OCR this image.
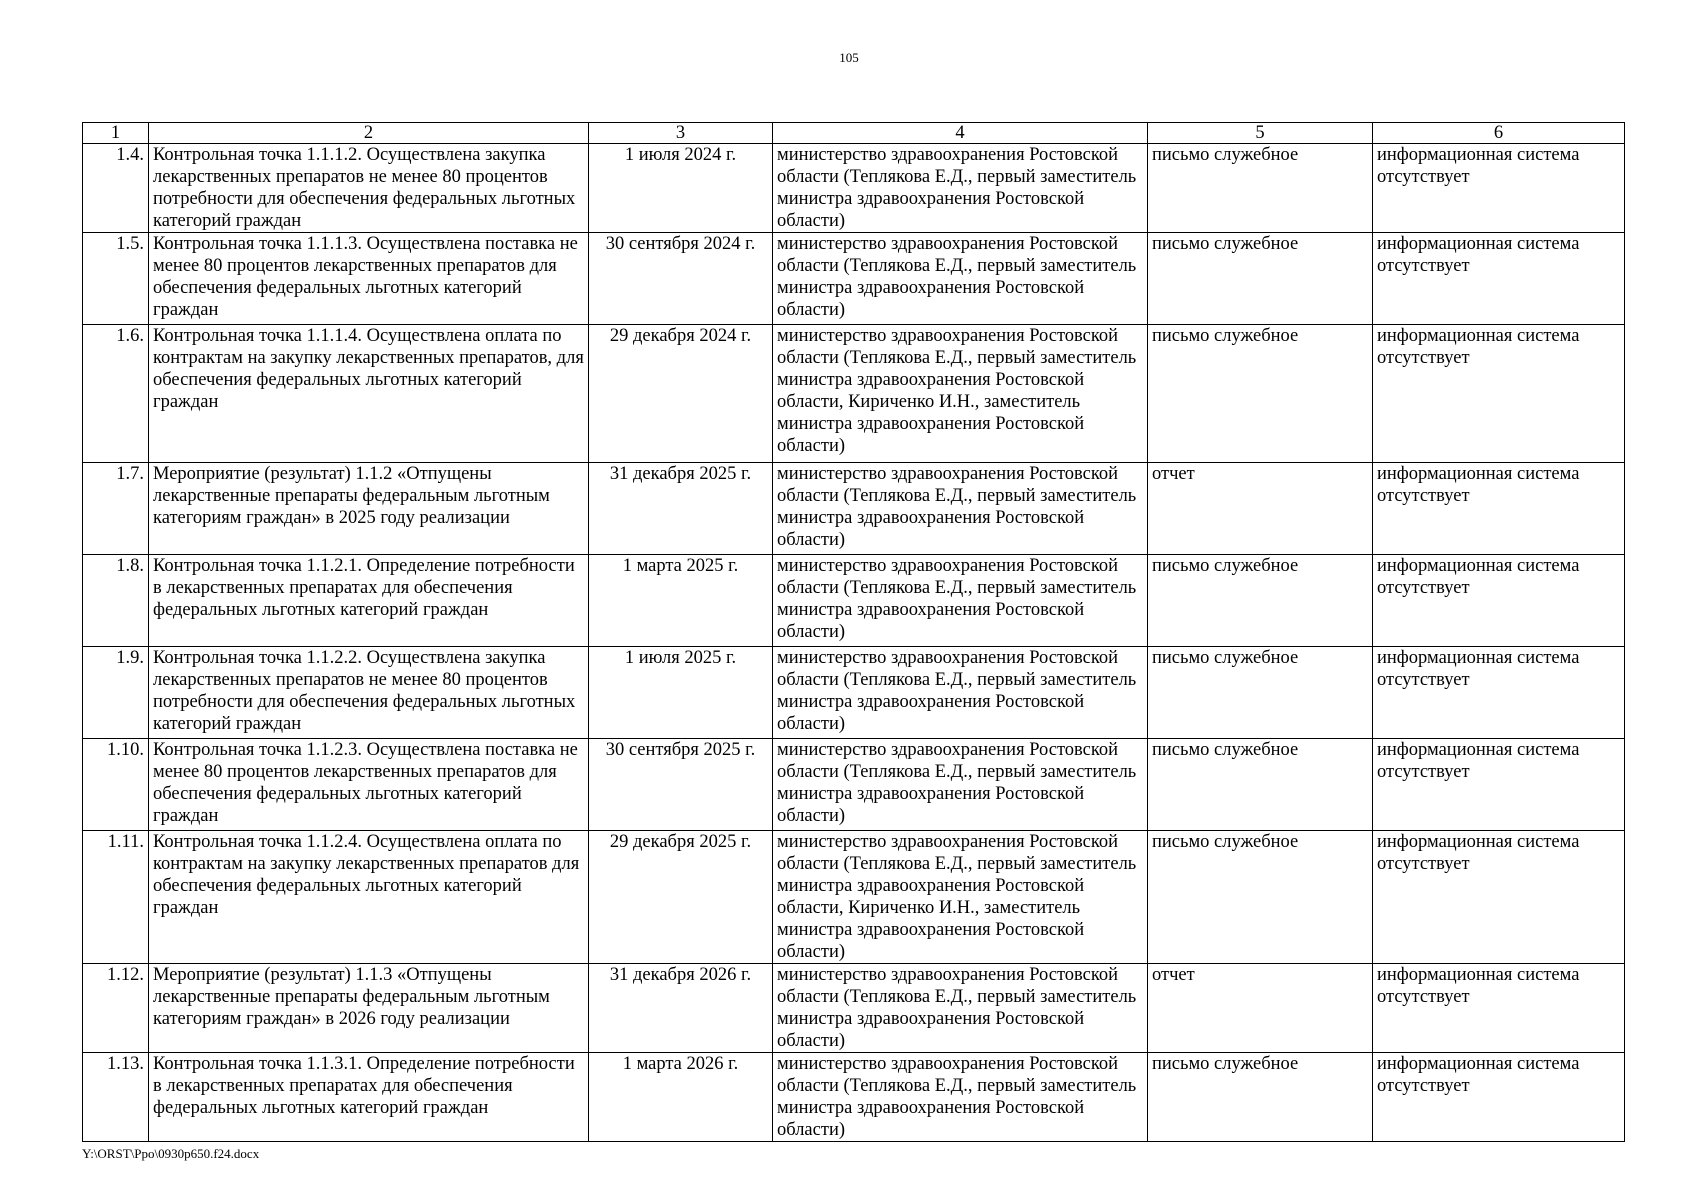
105
1	2	3	4	5	6
1.4.	Контрольная точка 1.1.1.2. Осуществлена закупка лекарственных препаратов не менее 80 процентов потребности для обеспечения федеральных льготных категорий граждан	1 июля 2024 г.	министерство здравоохранения Ростовской области (Теплякова Е.Д., первый заместитель министра здравоохранения Ростовской области)	письмо служебное	информационная система отсутствует
1.5.	Контрольная точка 1.1.1.3. Осуществлена поставка не менее 80 процентов лекарственных препаратов для обеспечения федеральных льготных категорий граждан	30 сентября 2024 г.	министерство здравоохранения Ростовской области (Теплякова Е.Д., первый заместитель министра здравоохранения Ростовской области)	письмо служебное	информационная система отсутствует
1.6.	Контрольная точка 1.1.1.4. Осуществлена оплата по контрактам на закупку лекарственных препаратов, для обеспечения федеральных льготных категорий граждан	29 декабря 2024 г.	министерство здравоохранения Ростовской области (Теплякова Е.Д., первый заместитель министра здравоохранения Ростовской области, Кириченко И.Н., заместитель министра здравоохранения Ростовской области)	письмо служебное	информационная система отсутствует
1.7.	Мероприятие (результат) 1.1.2 «Отпущены лекарственные препараты федеральным льготным категориям граждан» в 2025 году реализации	31 декабря 2025 г.	министерство здравоохранения Ростовской области (Теплякова Е.Д., первый заместитель министра здравоохранения Ростовской области)	отчет	информационная система отсутствует
1.8.	Контрольная точка 1.1.2.1. Определение потребности в лекарственных препаратах для обеспечения федеральных льготных категорий граждан	1 марта 2025 г.	министерство здравоохранения Ростовской области (Теплякова Е.Д., первый заместитель министра здравоохранения Ростовской области)	письмо служебное	информационная система отсутствует
1.9.	Контрольная точка 1.1.2.2. Осуществлена закупка лекарственных препаратов не менее 80 процентов потребности для обеспечения федеральных льготных категорий граждан	1 июля 2025 г.	министерство здравоохранения Ростовской области (Теплякова Е.Д., первый заместитель министра здравоохранения Ростовской области)	письмо служебное	информационная система отсутствует
1.10.	Контрольная точка 1.1.2.3. Осуществлена поставка не менее 80 процентов лекарственных препаратов для обеспечения федеральных льготных категорий граждан	30 сентября 2025 г.	министерство здравоохранения Ростовской области (Теплякова Е.Д., первый заместитель министра здравоохранения Ростовской области)	письмо служебное	информационная система отсутствует
1.11.	Контрольная точка 1.1.2.4. Осуществлена оплата по контрактам на закупку лекарственных препаратов для обеспечения федеральных льготных категорий граждан	29 декабря 2025 г.	министерство здравоохранения Ростовской области (Теплякова Е.Д., первый заместитель министра здравоохранения Ростовской области, Кириченко И.Н., заместитель министра здравоохранения Ростовской области)	письмо служебное	информационная система отсутствует
1.12.	Мероприятие (результат) 1.1.3 «Отпущены лекарственные препараты федеральным льготным категориям граждан» в 2026 году реализации	31 декабря 2026 г.	министерство здравоохранения Ростовской области (Теплякова Е.Д., первый заместитель министра здравоохранения Ростовской области)	отчет	информационная система отсутствует
1.13.	Контрольная точка 1.1.3.1. Определение потребности в лекарственных препаратах для обеспечения федеральных льготных категорий граждан	1 марта 2026 г.	министерство здравоохранения Ростовской области (Теплякова Е.Д., первый заместитель министра здравоохранения Ростовской области)	письмо служебное	информационная система отсутствует
Y:\ORST\Ppo\0930p650.f24.docx
